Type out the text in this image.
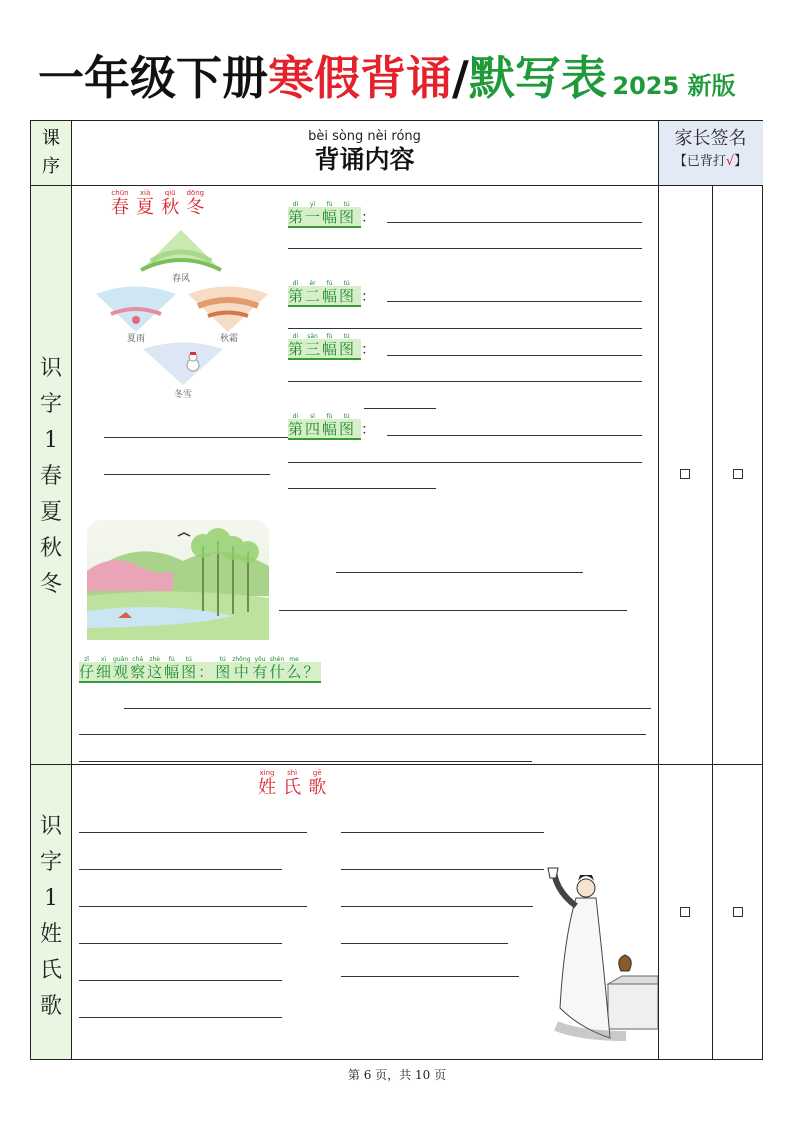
一年级下册寒假背诵/默写表 2025 新版
课序
bèi sòng nèi róng
背诵内容
家长签名
【已背打√】
识
字
1
春
夏
秋
冬
chūn
春

xià
夏

qiū
秋

dōng
冬
春风
夏雨	秋霜
冬雪
dì
第
yī
一
fú
幅
tú
图 ：
dì
第
èr
二
fú
幅
tú
图 ：
dì
第
sān
三
fú
幅
tú
图 ：
dì
第
sì
四
fú
幅
tú
图 ：
zǐ
仔
xì
细
guān
观
chá
察
zhè
这
fú
幅
tú
图 ：
tú
图
zhōng
中
yǒu
有
shén
什
me
么 ？
识
字
1
姓
氏
歌
xìng
姓

shì
氏

gē
歌
第 6 页，共 10 页
